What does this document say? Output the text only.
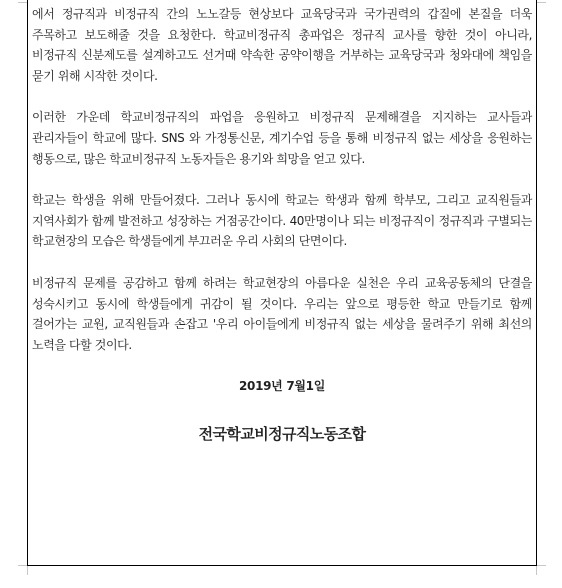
에서 정규직과 비정규직 간의 노노갈등 현상보다 교육당국과 국가권력의 갑질에 본질을 더욱 주목하고 보도해줄 것을 요청한다. 학교비정규직 총파업은 정규직 교사를 향한 것이 아니라, 비정규직 신분제도를 설계하고도 선거때 약속한 공약이행을 거부하는 교육당국과 청와대에 책임을 묻기 위해 시작한 것이다.

이러한 가운데 학교비정규직의 파업을 응원하고 비정규직 문제해결을 지지하는 교사들과 관리자들이 학교에 많다. SNS 와 가정통신문, 계기수업 등을 통해 비정규직 없는 세상을 응원하는 행동으로, 많은 학교비정규직 노동자들은 용기와 희망을 얻고 있다.

학교는 학생을 위해 만들어졌다. 그러나 동시에 학교는 학생과 함께 학부모, 그리고 교직원들과 지역사회가 함께 발전하고 성장하는 거점공간이다. 40만명이나 되는 비정규직이 정규직과 구별되는 학교현장의 모습은 학생들에게 부끄러운 우리 사회의 단면이다.

비정규직 문제를 공감하고 함께 하려는 학교현장의 아름다운 실천은 우리 교육공동체의 단결을 성숙시키고 동시에 학생들에게 귀감이 될 것이다. 우리는 앞으로 평등한 학교 만들기로 함께 걸어가는 교원, 교직원들과 손잡고 '우리 아이들에게 비정규직 없는 세상을 물려주기 위해 최선의 노력을 다할 것이다.

2019년 7월1일
전국학교비정규직노동조합
